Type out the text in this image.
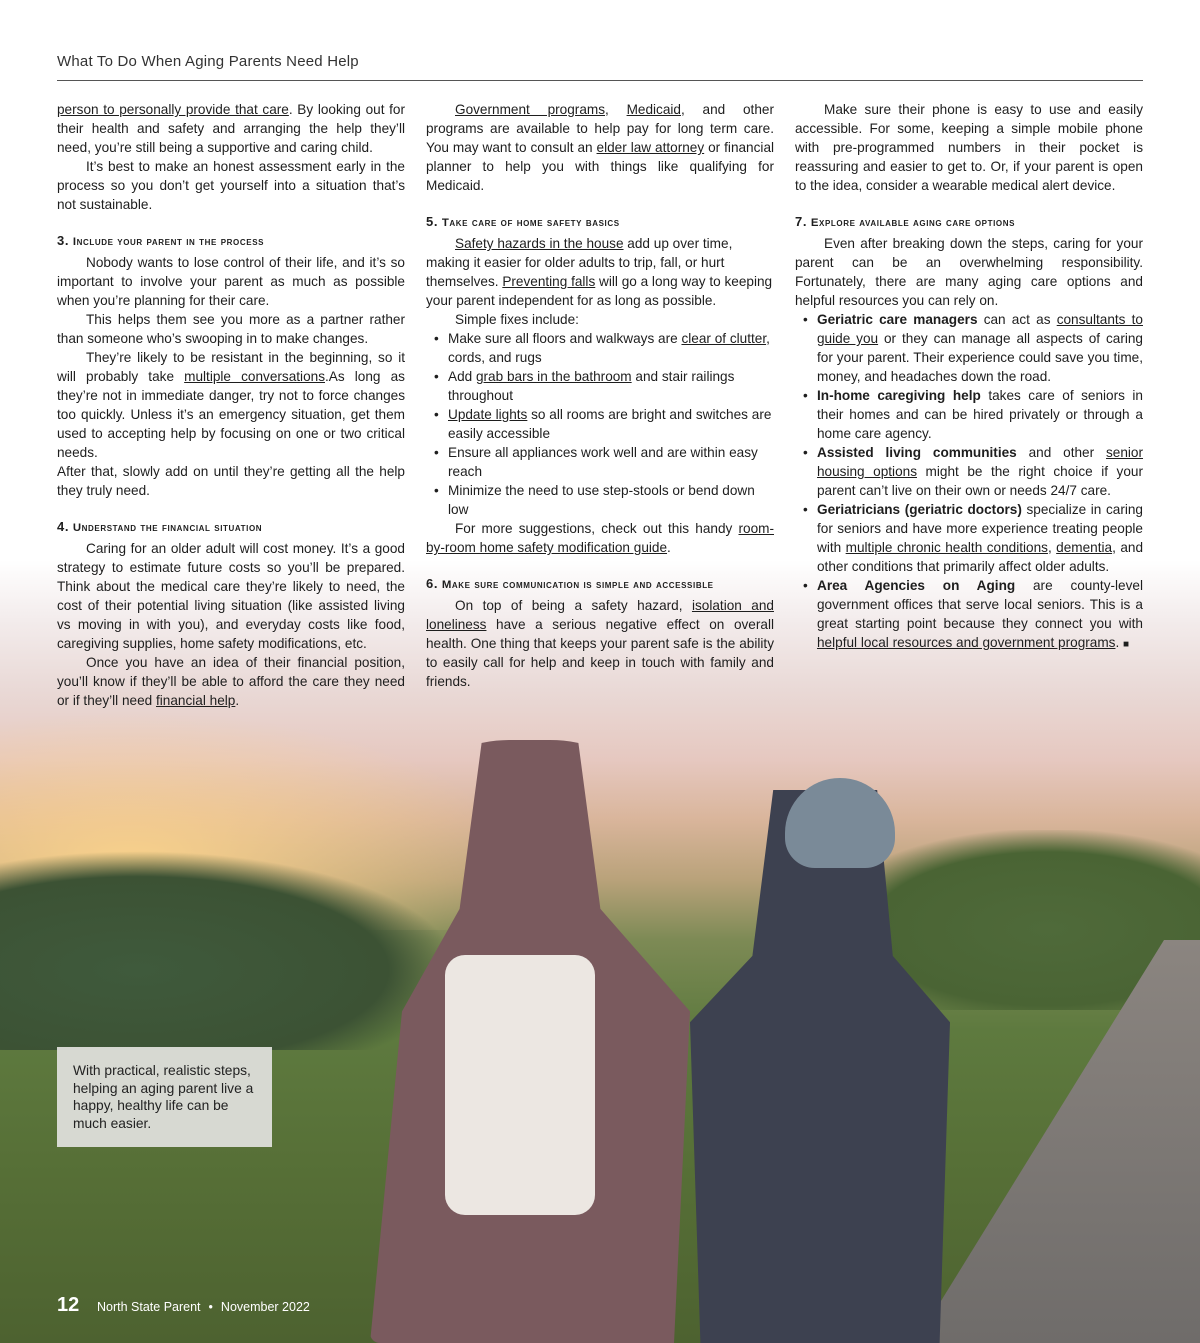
What To Do When Aging Parents Need Help

person to personally provide that care. By looking out for their health and safety and arranging the help they’ll need, you’re still being a supportive and caring child.

It’s best to make an honest assessment early in the process so you don’t get yourself into a situation that’s not sustainable.

3. Include your parent in the process

Nobody wants to lose control of their life, and it’s so important to involve your parent as much as possible when you’re planning for their care.

This helps them see you more as a partner rather than someone who’s swooping in to make changes.

They’re likely to be resistant in the beginning, so it will probably take multiple conversations.As long as they’re not in immediate danger, try not to force changes too quickly. Unless it’s an emergency situation, get them used to accepting help by focusing on one or two critical needs.

After that, slowly add on until they’re getting all the help they truly need.

4. Understand the financial situation

Caring for an older adult will cost money. It’s a good strategy to estimate future costs so you’ll be prepared. Think about the medical care they’re likely to need, the cost of their potential living situation (like assisted living vs moving in with you), and everyday costs like food, caregiving supplies, home safety modifications, etc.

Once you have an idea of their financial position, you’ll know if they’ll be able to afford the care they need or if they’ll need financial help.

Government programs, Medicaid, and other programs are available to help pay for long term care. You may want to consult an elder law attorney or financial planner to help you with things like qualifying for Medicaid.

5. Take care of home safety basics

Safety hazards in the house add up over time, making it easier for older adults to trip, fall, or hurt themselves. Preventing falls will go a long way to keeping your parent independent for as long as possible.

Simple fixes include:

• Make sure all floors and walkways are clear of clutter, cords, and rugs
• Add grab bars in the bathroom and stair railings throughout
• Update lights so all rooms are bright and switches are easily accessible
• Ensure all appliances work well and are within easy reach
• Minimize the need to use step-stools or bend down low

For more suggestions, check out this handy room-by-room home safety modification guide.

6. Make sure communication is simple and accessible

On top of being a safety hazard, isolation and loneliness have a serious negative effect on overall health. One thing that keeps your parent safe is the ability to easily call for help and keep in touch with family and friends.

Make sure their phone is easy to use and easily accessible. For some, keeping a simple mobile phone with pre-programmed numbers in their pocket is reassuring and easier to get to. Or, if your parent is open to the idea, consider a wearable medical alert device.

7. Explore available aging care options

Even after breaking down the steps, caring for your parent can be an overwhelming responsibility. Fortunately, there are many aging care options and helpful resources you can rely on.

• Geriatric care managers can act as consultants to guide you or they can manage all aspects of caring for your parent. Their experience could save you time, money, and headaches down the road.
• In-home caregiving help takes care of seniors in their homes and can be hired privately or through a home care agency.
• Assisted living communities and other senior housing options might be the right choice if your parent can’t live on their own or needs 24/7 care.
• Geriatricians (geriatric doctors) specialize in caring for seniors and have more experience treating people with multiple chronic health conditions, dementia, and other conditions that primarily affect older adults.
• Area Agencies on Aging are county-level government offices that serve local seniors. This is a great starting point because they connect you with helpful local resources and government programs. ■
With practical, realistic steps, helping an aging parent live a happy, healthy life can be much easier.
12 North State Parent • November 2022
